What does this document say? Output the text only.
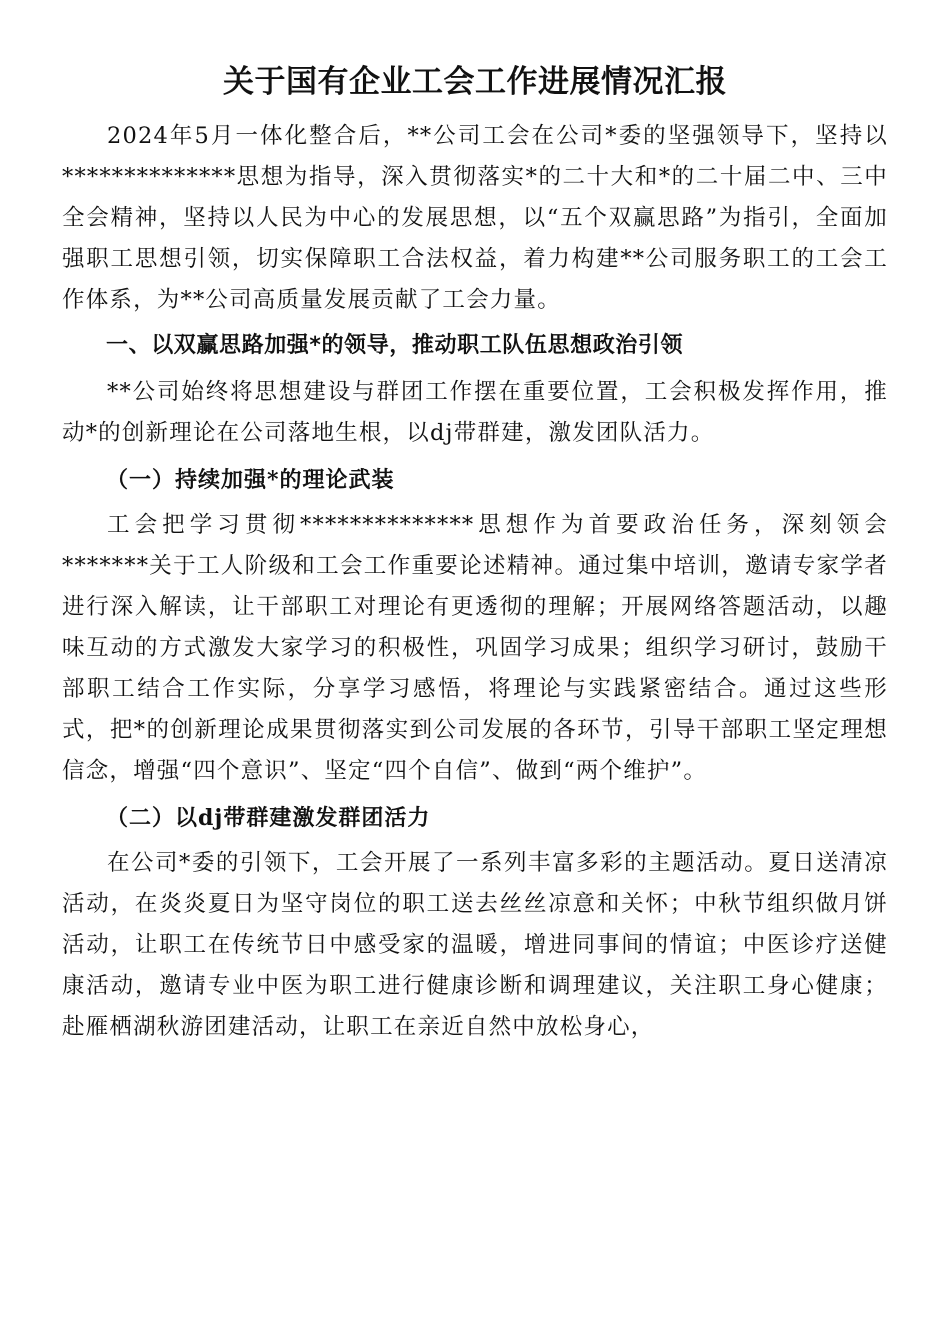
关于国有企业工会工作进展情况汇报

2024年5月一体化整合后，**公司工会在公司*委的坚强领导下，坚持以**************思想为指导，深入贯彻落实*的二十大和*的二十届二中、三中全会精神，坚持以人民为中心的发展思想，以“五个双赢思路”为指引，全面加强职工思想引领，切实保障职工合法权益，着力构建**公司服务职工的工会工作体系，为**公司高质量发展贡献了工会力量。

一、以双赢思路加强*的领导，推动职工队伍思想政治引领

**公司始终将思想建设与群团工作摆在重要位置，工会积极发挥作用，推动*的创新理论在公司落地生根，以dj带群建，激发团队活力。

（一）持续加强*的理论武装

工会把学习贯彻**************思想作为首要政治任务，深刻领会*******关于工人阶级和工会工作重要论述精神。通过集中培训，邀请专家学者进行深入解读，让干部职工对理论有更透彻的理解；开展网络答题活动，以趣味互动的方式激发大家学习的积极性，巩固学习成果；组织学习研讨，鼓励干部职工结合工作实际，分享学习感悟，将理论与实践紧密结合。通过这些形式，把*的创新理论成果贯彻落实到公司发展的各环节，引导干部职工坚定理想信念，增强“四个意识”、坚定“四个自信”、做到“两个维护”。

（二）以dj带群建激发群团活力

在公司*委的引领下，工会开展了一系列丰富多彩的主题活动。夏日送清凉活动，在炎炎夏日为坚守岗位的职工送去丝丝凉意和关怀；中秋节组织做月饼活动，让职工在传统节日中感受家的温暖，增进同事间的情谊；中医诊疗送健康活动，邀请专业中医为职工进行健康诊断和调理建议，关注职工身心健康；赴雁栖湖秋游团建活动，让职工在亲近自然中放松身心，
